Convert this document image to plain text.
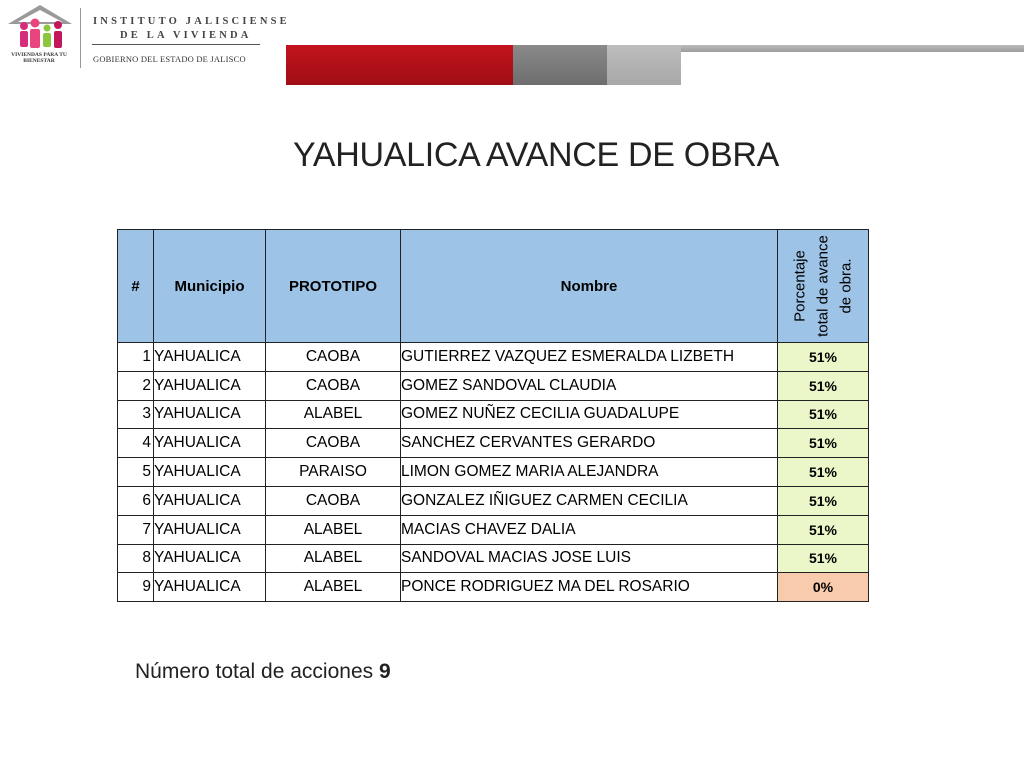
VIVIENDAS PARA TU BIENESTAR
INSTITUTO JALISCIENSE
DE LA VIVIENDA
GOBIERNO DEL ESTADO DE JALISCO
YAHUALICA AVANCE DE OBRA
#	Municipio	PROTOTIPO	Nombre	Porcentaje total de avance de obra.

1	YAHUALICA	CAOBA	GUTIERREZ VAZQUEZ ESMERALDA LIZBETH	51%
2	YAHUALICA	CAOBA	GOMEZ SANDOVAL CLAUDIA	51%
3	YAHUALICA	ALABEL	GOMEZ NUÑEZ CECILIA GUADALUPE	51%
4	YAHUALICA	CAOBA	SANCHEZ CERVANTES GERARDO	51%
5	YAHUALICA	PARAISO	LIMON GOMEZ MARIA ALEJANDRA	51%
6	YAHUALICA	CAOBA	GONZALEZ IÑIGUEZ CARMEN CECILIA	51%
7	YAHUALICA	ALABEL	MACIAS CHAVEZ DALIA	51%
8	YAHUALICA	ALABEL	SANDOVAL MACIAS JOSE LUIS	51%
9	YAHUALICA	ALABEL	PONCE RODRIGUEZ MA DEL ROSARIO	0%
Número total de acciones 9
